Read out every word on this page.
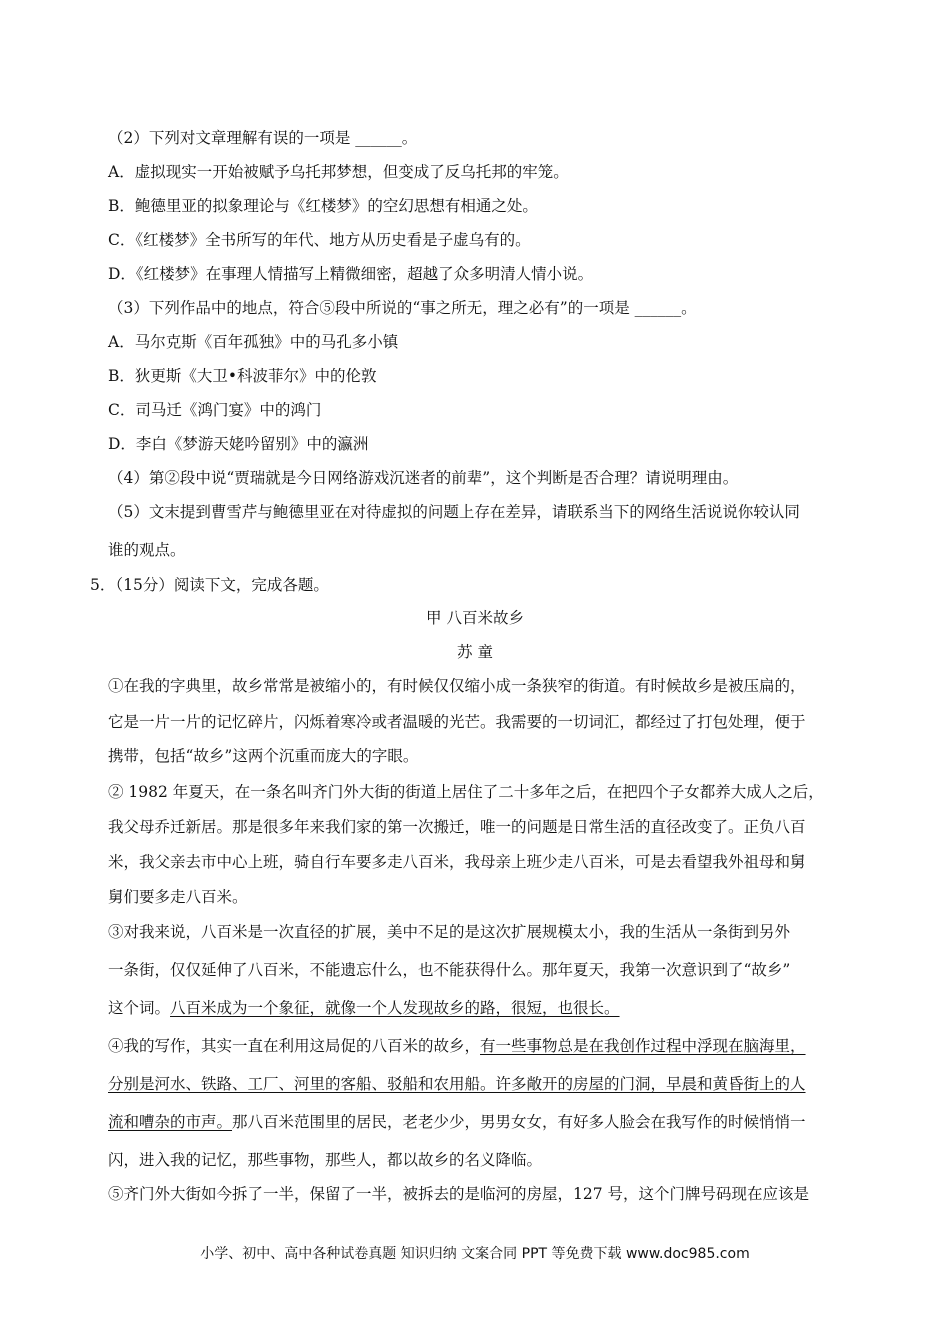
（2）下列对文章理解有误的一项是 ______。
A．虚拟现实一开始被赋予乌托邦梦想，但变成了反乌托邦的牢笼。
B．鲍德里亚的拟象理论与《红楼梦》的空幻思想有相通之处。
C．《红楼梦》全书所写的年代、地方从历史看是子虚乌有的。
D．《红楼梦》在事理人情描写上精微细密，超越了众多明清人情小说。
（3）下列作品中的地点，符合⑤段中所说的“事之所无，理之必有”的一项是 ______。
A．马尔克斯《百年孤独》中的马孔多小镇
B．狄更斯《大卫•科波菲尔》中的伦敦
C．司马迁《鸿门宴》中的鸿门
D．李白《梦游天姥吟留别》中的瀛洲
（4）第②段中说“贾瑞就是今日网络游戏沉迷者的前辈”，这个判断是否合理？请说明理由。
（5）文末提到曹雪芹与鲍德里亚在对待虚拟的问题上存在差异，请联系当下的网络生活说说你较认同
谁的观点。
5．（15分）阅读下文，完成各题。
甲 八百米故乡
苏 童
①在我的字典里，故乡常常是被缩小的，有时候仅仅缩小成一条狭窄的街道。有时候故乡是被压扁的，
它是一片一片的记忆碎片，闪烁着寒冷或者温暖的光芒。我需要的一切词汇，都经过了打包处理，便于
携带，包括“故乡”这两个沉重而庞大的字眼。
② 1982 年夏天，在一条名叫齐门外大街的街道上居住了二十多年之后，在把四个子女都养大成人之后，
我父母乔迁新居。那是很多年来我们家的第一次搬迁，唯一的问题是日常生活的直径改变了。正负八百
米，我父亲去市中心上班，骑自行车要多走八百米，我母亲上班少走八百米，可是去看望我外祖母和舅
舅们要多走八百米。
③对我来说，八百米是一次直径的扩展，美中不足的是这次扩展规模太小，我的生活从一条街到另外
一条街，仅仅延伸了八百米，不能遗忘什么，也不能获得什么。那年夏天，我第一次意识到了“故乡”
这个词。八百米成为一个象征，就像一个人发现故乡的路，很短，也很长。
④我的写作，其实一直在利用这局促的八百米的故乡，有一些事物总是在我创作过程中浮现在脑海里，
分别是河水、铁路、工厂、河里的客船、驳船和农用船。许多敞开的房屋的门洞，早晨和黄昏街上的人
流和嘈杂的市声。那八百米范围里的居民，老老少少，男男女女，有好多人脸会在我写作的时候悄悄一
闪，进入我的记忆，那些事物，那些人，都以故乡的名义降临。
⑤齐门外大街如今拆了一半，保留了一半，被拆去的是临河的房屋，127 号，这个门牌号码现在应该是
小学、初中、高中各种试卷真题 知识归纳 文案合同 PPT 等免费下载 www.doc985.com
